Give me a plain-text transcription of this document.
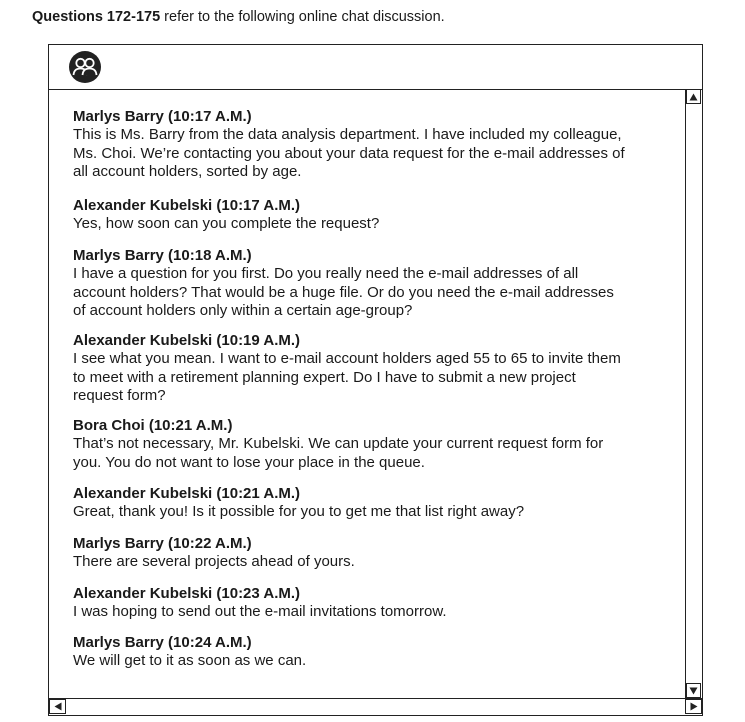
Questions 172-175 refer to the following online chat discussion.
Marlys Barry (10:17 A.M.)
This is Ms. Barry from the data analysis department. I have included my colleague,
Ms. Choi. We’re contacting you about your data request for the e-mail addresses of
all account holders, sorted by age.
Alexander Kubelski (10:17 A.M.)
Yes, how soon can you complete the request?
Marlys Barry (10:18 A.M.)
I have a question for you first. Do you really need the e-mail addresses of all
account holders? That would be a huge file. Or do you need the e-mail addresses
of account holders only within a certain age-group?
Alexander Kubelski (10:19 A.M.)
I see what you mean. I want to e-mail account holders aged 55 to 65 to invite them
to meet with a retirement planning expert. Do I have to submit a new project
request form?
Bora Choi (10:21 A.M.)
That’s not necessary, Mr. Kubelski. We can update your current request form for
you. You do not want to lose your place in the queue.
Alexander Kubelski (10:21 A.M.)
Great, thank you! Is it possible for you to get me that list right away?
Marlys Barry (10:22 A.M.)
There are several projects ahead of yours.
Alexander Kubelski (10:23 A.M.)
I was hoping to send out the e-mail invitations tomorrow.
Marlys Barry (10:24 A.M.)
We will get to it as soon as we can.
